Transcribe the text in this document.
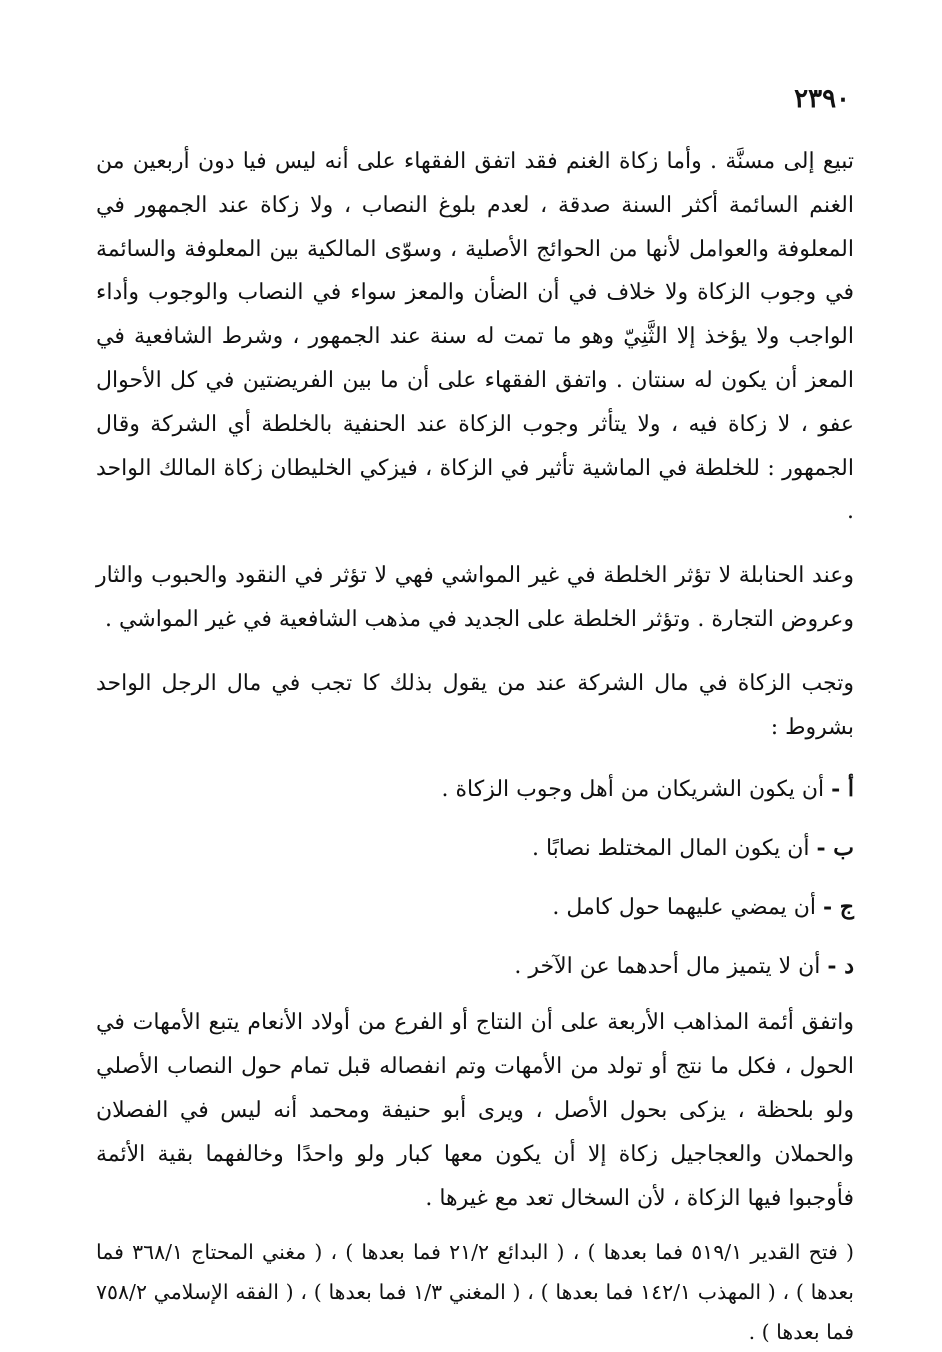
٢٣٩٠

تبيع إلى مسنَّة . وأما زكاة الغنم فقد اتفق الفقهاء على أنه ليس فيا دون أربعين من الغنم السائمة أكثر السنة صدقة ، لعدم بلوغ النصاب ، ولا زكاة عند الجمهور في المعلوفة والعوامل لأنها من الحوائج الأصلية ، وسوّى المالكية بين المعلوفة والسائمة في وجوب الزكاة ولا خلاف في أن الضأن والمعز سواء في النصاب والوجوب وأداء الواجب ولا يؤخذ إلا الثَّنِيّ وهو ما تمت له سنة عند الجمهور ، وشرط الشافعية في المعز أن يكون له سنتان . واتفق الفقهاء على أن ما بين الفريضتين في كل الأحوال عفو ، لا زكاة فيه ، ولا يتأثر وجوب الزكاة عند الحنفية بالخلطة أي الشركة وقال الجمهور : للخلطة في الماشية تأثير في الزكاة ، فيزكي الخليطان زكاة المالك الواحد .

وعند الحنابلة لا تؤثر الخلطة في غير المواشي فهي لا تؤثر في النقود والحبوب والثار وعروض التجارة . وتؤثر الخلطة على الجديد في مذهب الشافعية في غير المواشي .

وتجب الزكاة في مال الشركة عند من يقول بذلك كا تجب في مال الرجل الواحد بشروط :

أ - أن يكون الشريكان من أهل وجوب الزكاة .
ب - أن يكون المال المختلط نصابًا .
ج - أن يمضي عليهما حول كامل .
د - أن لا يتميز مال أحدهما عن الآخر .

واتفق أئمة المذاهب الأربعة على أن النتاج أو الفرع من أولاد الأنعام يتبع الأمهات في الحول ، فكل ما نتج أو تولد من الأمهات وتم انفصاله قبل تمام حول النصاب الأصلي ولو بلحظة ، يزكى بحول الأصل ، ويرى أبو حنيفة ومحمد أنه ليس في الفصلان والحملان والعجاجيل زكاة إلا أن يكون معها كبار ولو واحدًا وخالفهما بقية الأئمة فأوجبوا فيها الزكاة ، لأن السخال تعد مع غيرها .

( فتح القدير ٥١٩/١ فما بعدها ) ، ( البدائع ٢١/٢ فما بعدها ) ، ( مغني المحتاج ٣٦٨/١ فما بعدها ) ، ( المهذب ١٤٢/١ فما بعدها ) ، ( المغني ١/٣ فما بعدها ) ، ( الفقه الإسلامي ٧٥٨/٢ فما بعدها ) .
